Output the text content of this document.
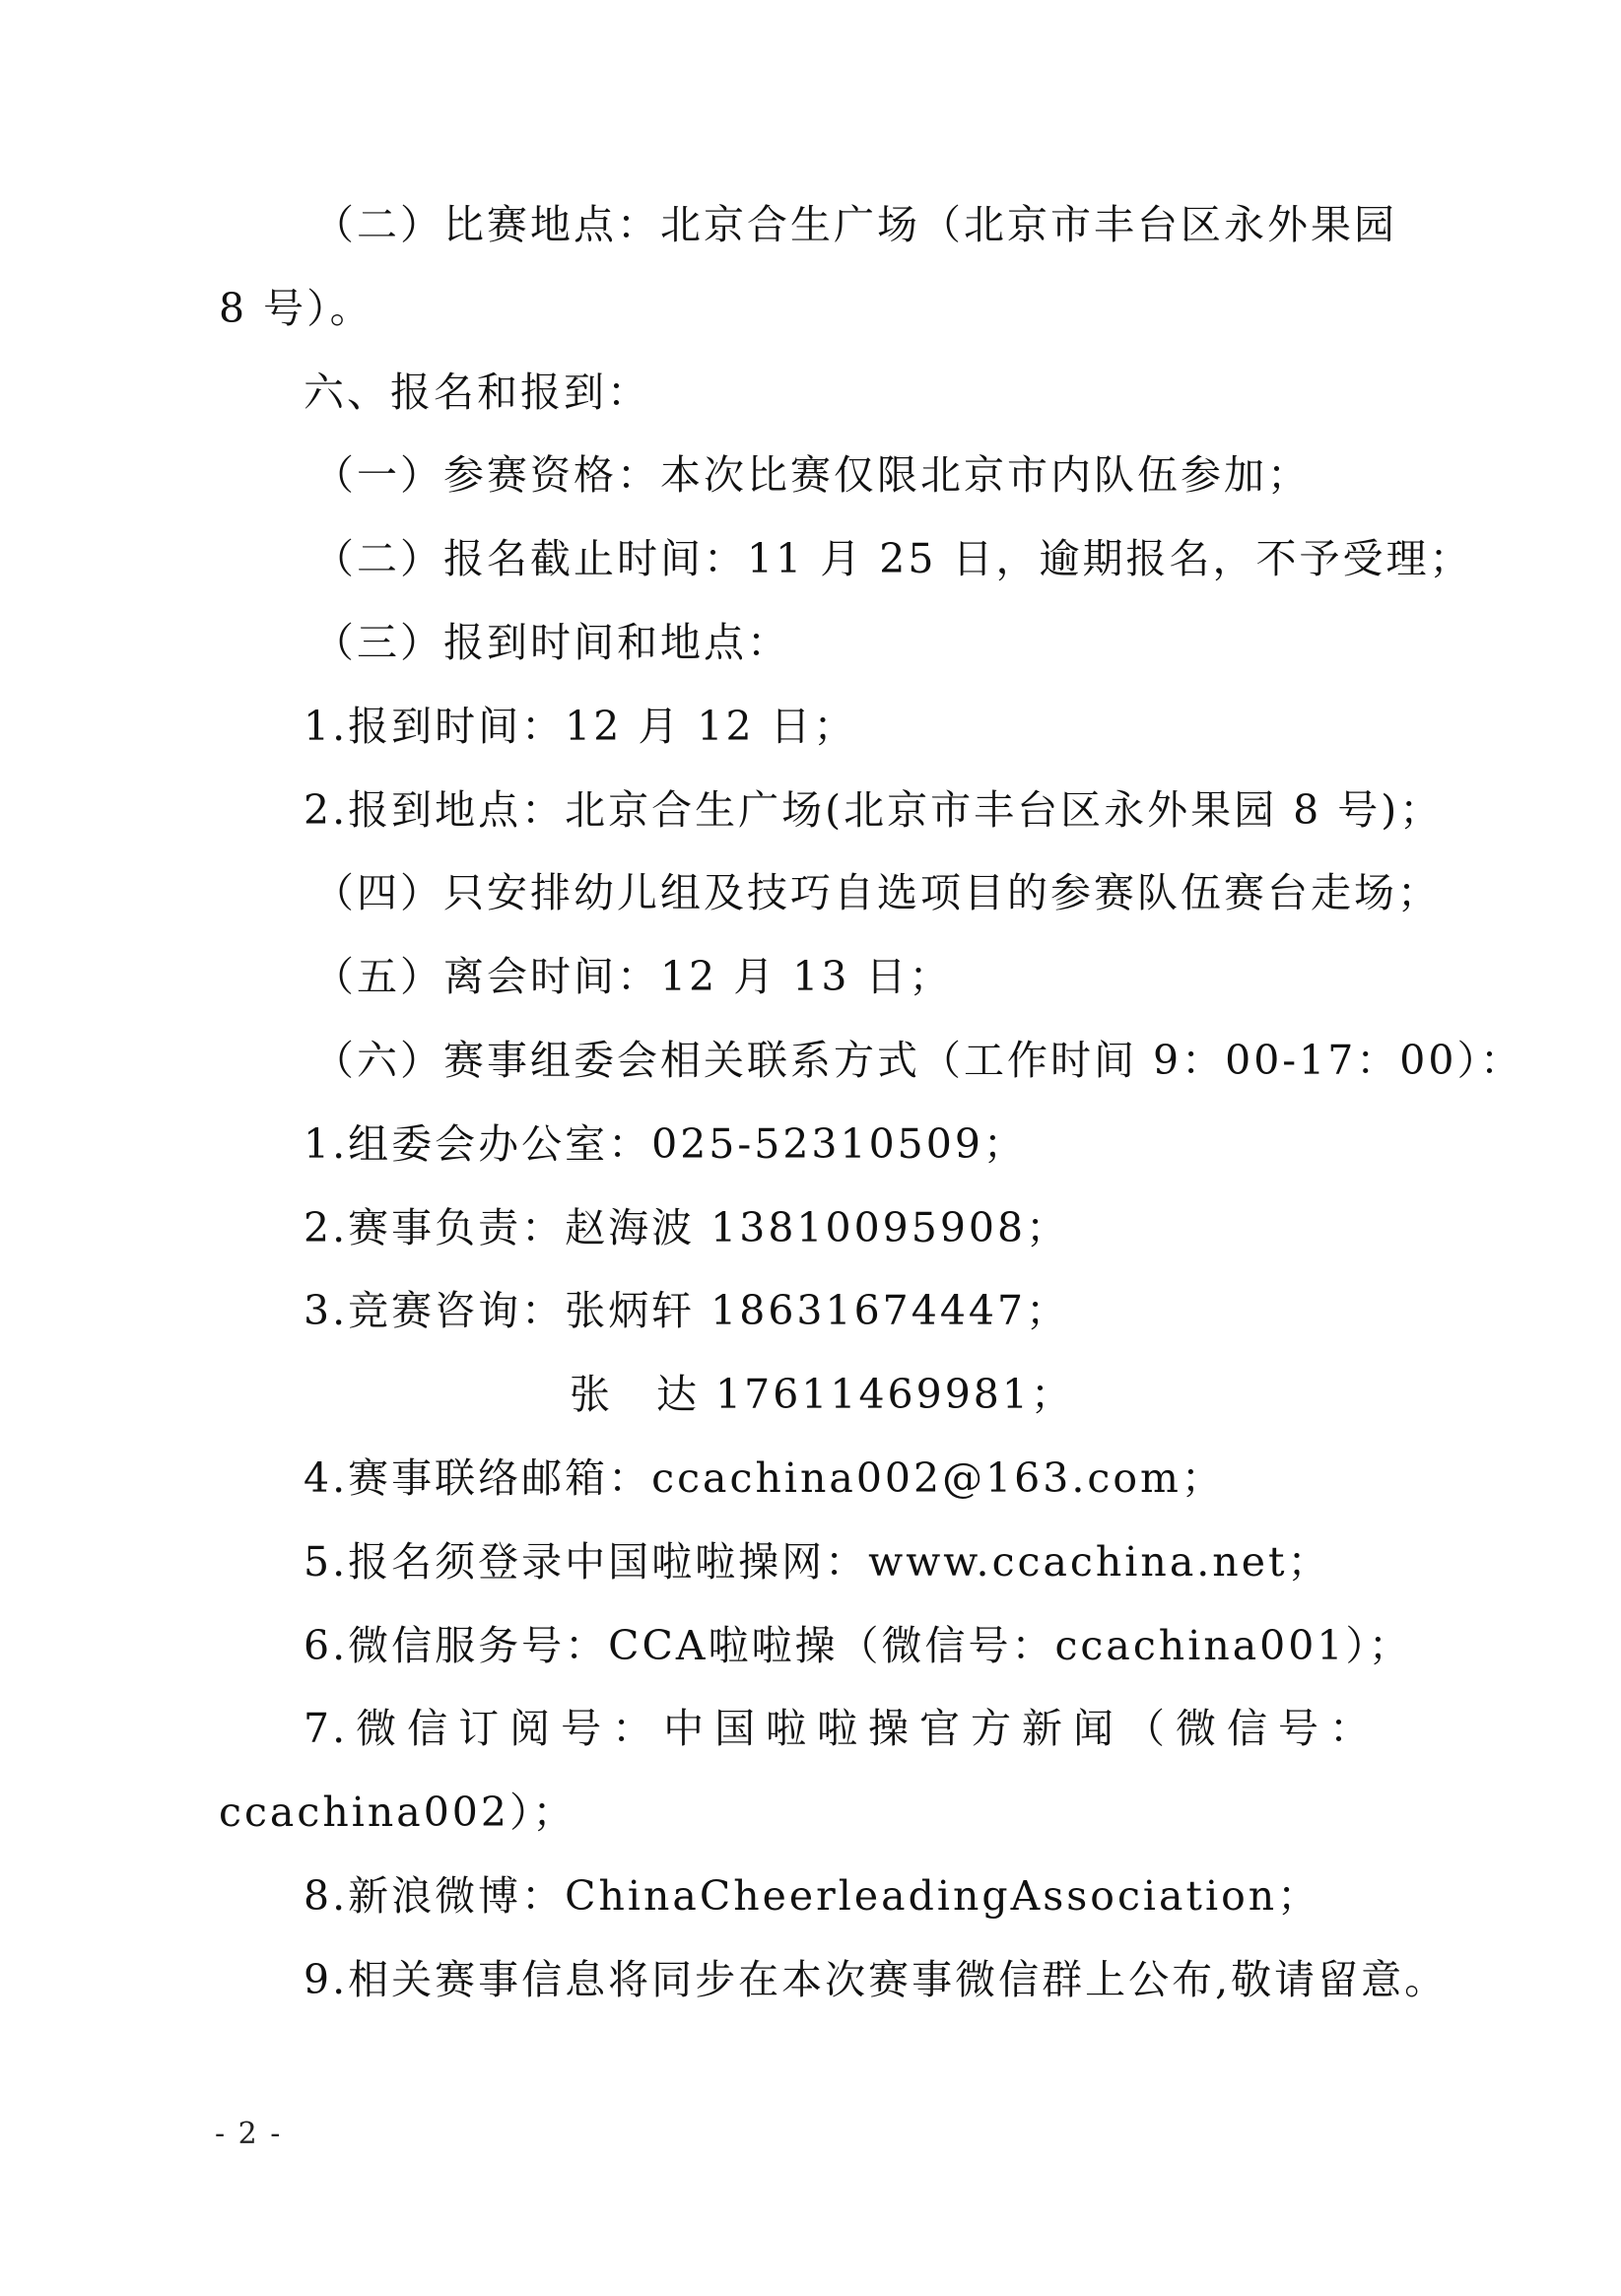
（二）比赛地点：北京合生广场（北京市丰台区永外果园
8 号）。
六、报名和报到：
（一）参赛资格：本次比赛仅限北京市内队伍参加；
（二）报名截止时间：11 月 25 日，逾期报名，不予受理；
（三）报到时间和地点：
1.报到时间：12 月 12 日；
2.报到地点：北京合生广场(北京市丰台区永外果园 8 号)；
（四）只安排幼儿组及技巧自选项目的参赛队伍赛台走场；
（五）离会时间：12 月 13 日；
（六）赛事组委会相关联系方式（工作时间 9：00-17：00）：
1.组委会办公室：025-52310509；
2.赛事负责：赵海波 13810095908；
3.竞赛咨询：张炳轩 18631674447；
张　达 17611469981；
4.赛事联络邮箱：ccachina002@163.com；
5.报名须登录中国啦啦操网：www.ccachina.net；
6.微信服务号：CCA啦啦操（微信号：ccachina001）；
7.微信订阅号：中国啦啦操官方新闻（微信号：
ccachina002）；
8.新浪微博：ChinaCheerleadingAssociation；
9.相关赛事信息将同步在本次赛事微信群上公布,敬请留意。
- 2 -
